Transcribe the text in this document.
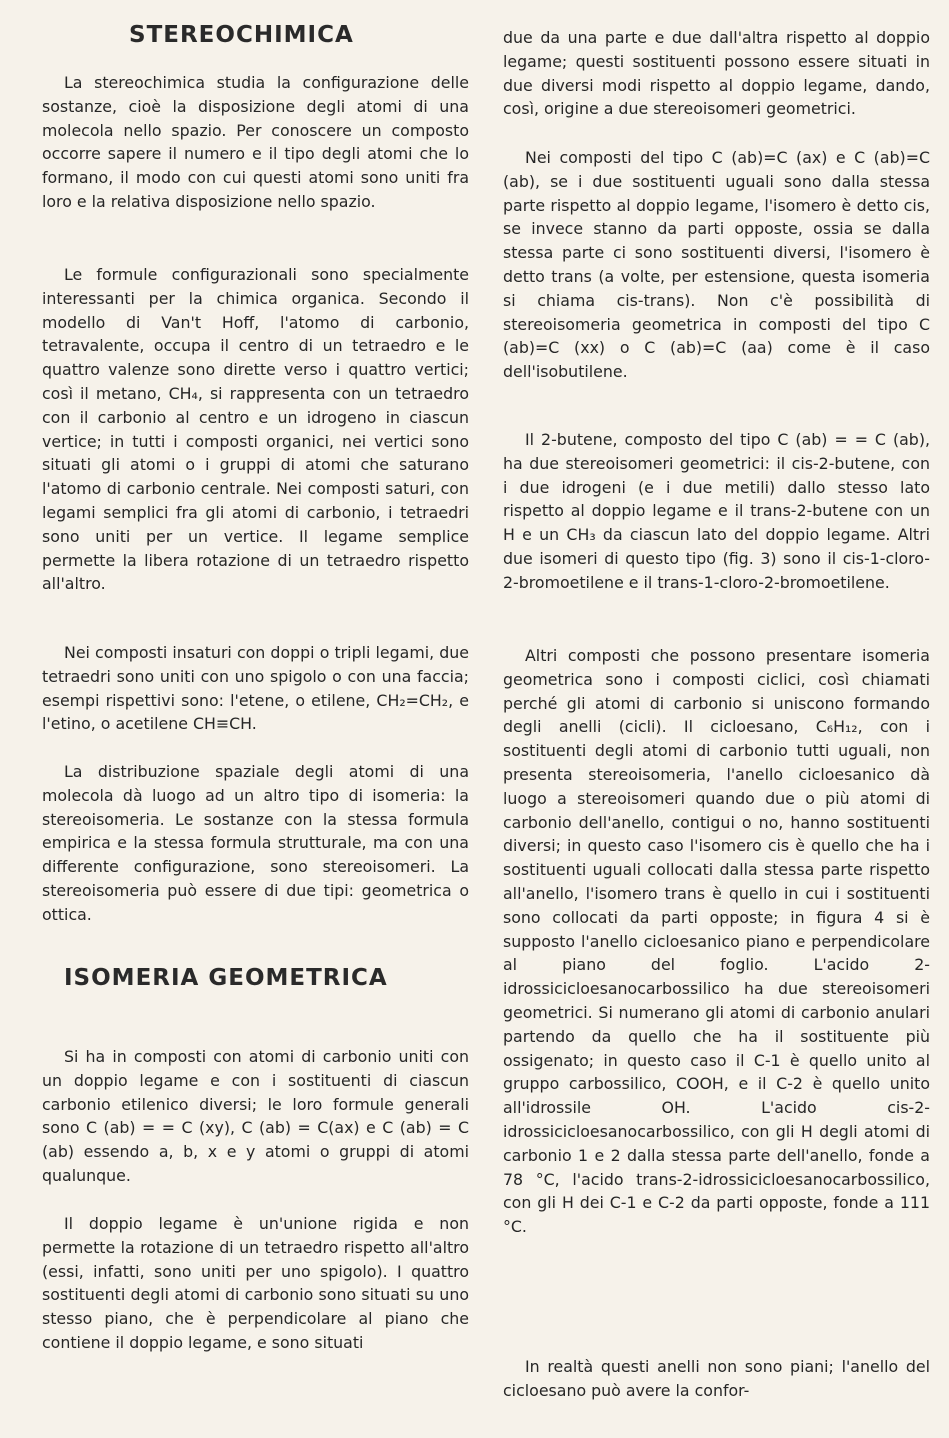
STEREOCHIMICA

La stereochimica studia la configurazione delle sostanze, cioè la disposizione degli atomi di una molecola nello spazio. Per conoscere un composto occorre sapere il numero e il tipo degli atomi che lo formano, il modo con cui questi atomi sono uniti fra loro e la relativa disposizione nello spazio.

Le formule configurazionali sono specialmente interessanti per la chimica organica. Secondo il modello di Van't Hoff, l'atomo di carbonio, tetravalente, occupa il centro di un tetraedro e le quattro valenze sono dirette verso i quattro vertici; così il metano, CH₄, si rappresenta con un tetraedro con il carbonio al centro e un idrogeno in ciascun vertice; in tutti i composti organici, nei vertici sono situati gli atomi o i gruppi di atomi che saturano l'atomo di carbonio centrale. Nei composti saturi, con legami semplici fra gli atomi di carbonio, i tetraedri sono uniti per un vertice. Il legame semplice permette la libera rotazione di un tetraedro rispetto all'altro.

Nei composti insaturi con doppi o tripli legami, due tetraedri sono uniti con uno spigolo o con una faccia; esempi rispettivi sono: l'etene, o etilene, CH₂=CH₂, e l'etino, o acetilene CH≡CH.

La distribuzione spaziale degli atomi di una molecola dà luogo ad un altro tipo di isomeria: la stereoisomeria. Le sostanze con la stessa formula empirica e la stessa formula strutturale, ma con una differente configurazione, sono stereoisomeri. La stereoisomeria può essere di due tipi: geometrica o ottica.

ISOMERIA GEOMETRICA

Si ha in composti con atomi di carbonio uniti con un doppio legame e con i sostituenti di ciascun carbonio etilenico diversi; le loro formule generali sono C (ab) = = C (xy), C (ab) = C(ax) e C (ab) = C (ab) essendo a, b, x e y atomi o gruppi di atomi qualunque.

Il doppio legame è un'unione rigida e non permette la rotazione di un tetraedro rispetto all'altro (essi, infatti, sono uniti per uno spigolo). I quattro sostituenti degli atomi di carbonio sono situati su uno stesso piano, che è perpendicolare al piano che contiene il doppio legame, e sono situati

due da una parte e due dall'altra rispetto al doppio legame; questi sostituenti possono essere situati in due diversi modi rispetto al doppio legame, dando, così, origine a due stereoisomeri geometrici.

Nei composti del tipo C (ab)=C (ax) e C (ab)=C (ab), se i due sostituenti uguali sono dalla stessa parte rispetto al doppio legame, l'isomero è detto cis, se invece stanno da parti opposte, ossia se dalla stessa parte ci sono sostituenti diversi, l'isomero è detto trans (a volte, per estensione, questa isomeria si chiama cis-trans). Non c'è possibilità di stereoisomeria geometrica in composti del tipo C (ab)=C (xx) o C (ab)=C (aa) come è il caso dell'isobutilene.

Il 2-butene, composto del tipo C (ab) = = C (ab), ha due stereoisomeri geometrici: il cis-2-butene, con i due idrogeni (e i due metili) dallo stesso lato rispetto al doppio legame e il trans-2-butene con un H e un CH₃ da ciascun lato del doppio legame. Altri due isomeri di questo tipo (fig. 3) sono il cis-1-cloro-2-bromoetilene e il trans-1-cloro-2-bromoetilene.

Altri composti che possono presentare isomeria geometrica sono i composti ciclici, così chiamati perché gli atomi di carbonio si uniscono formando degli anelli (cicli). Il cicloesano, C₆H₁₂, con i sostituenti degli atomi di carbonio tutti uguali, non presenta stereoisomeria, l'anello cicloesanico dà luogo a stereoisomeri quando due o più atomi di carbonio dell'anello, contigui o no, hanno sostituenti diversi; in questo caso l'isomero cis è quello che ha i sostituenti uguali collocati dalla stessa parte rispetto all'anello, l'isomero trans è quello in cui i sostituenti sono collocati da parti opposte; in figura 4 si è supposto l'anello cicloesanico piano e perpendicolare al piano del foglio. L'acido 2-idrossicicloesanocarbossilico ha due stereoisomeri geometrici. Si numerano gli atomi di carbonio anulari partendo da quello che ha il sostituente più ossigenato; in questo caso il C-1 è quello unito al gruppo carbossilico, COOH, e il C-2 è quello unito all'idrossile OH. L'acido cis-2-idrossicicloesanocarbossilico, con gli H degli atomi di carbonio 1 e 2 dalla stessa parte dell'anello, fonde a 78 °C, l'acido trans-2-idrossicicloesanocarbossilico, con gli H dei C-1 e C-2 da parti opposte, fonde a 111 °C.

In realtà questi anelli non sono piani; l'anello del cicloesano può avere la confor-
